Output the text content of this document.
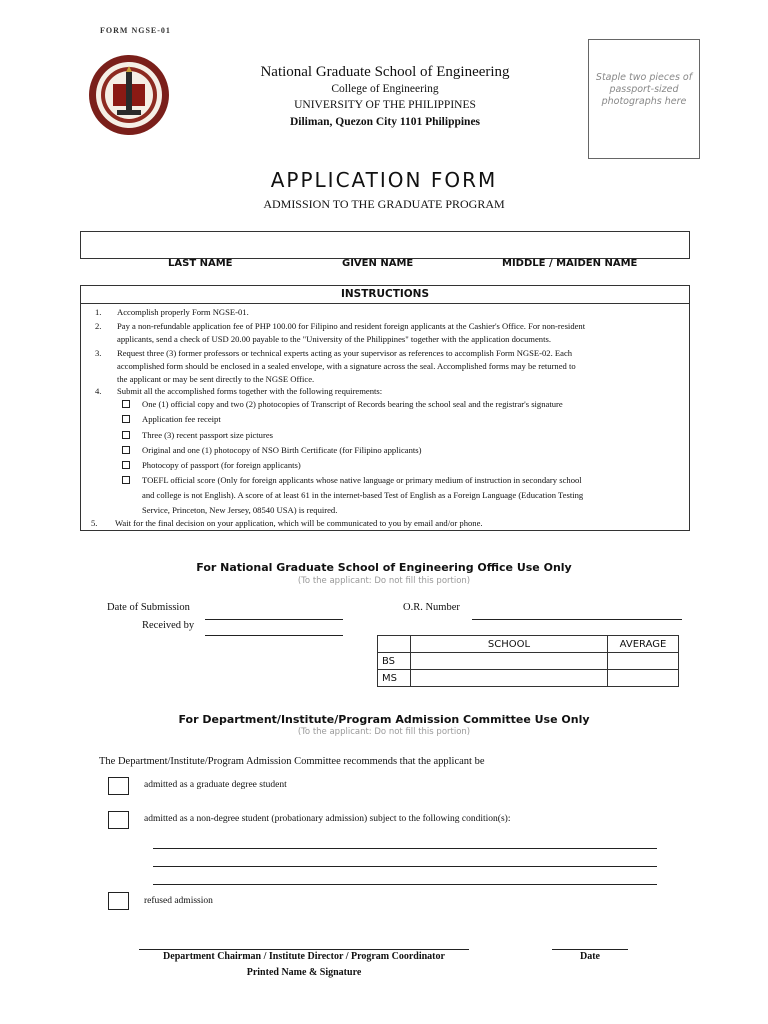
FORM NGSE-01
National Graduate School of Engineering
College of Engineering
UNIVERSITY OF THE PHILIPPINES
Diliman, Quezon City 1101 Philippines
Staple two pieces of passport-sized photographs here
APPLICATION FORM
ADMISSION TO THE GRADUATE PROGRAM
LAST NAME	GIVEN NAME	MIDDLE / MAIDEN NAME
INSTRUCTIONS
1. Accomplish properly Form NGSE-01.
2. Pay a non-refundable application fee of PHP 100.00 for Filipino and resident foreign applicants at the Cashier's Office. For non-resident
applicants, send a check of USD 20.00 payable to the "University of the Philippines" together with the application documents.
3. Request three (3) former professors or technical experts acting as your supervisor as references to accomplish Form NGSE-02. Each
accomplished form should be enclosed in a sealed envelope, with a signature across the seal. Accomplished forms may be returned to
the applicant or may be sent directly to the NGSE Office.
4. Submit all the accomplished forms together with the following requirements:
One (1) official copy and two (2) photocopies of Transcript of Records bearing the school seal and the registrar's signature
Application fee receipt
Three (3) recent passport size pictures
Original and one (1) photocopy of NSO Birth Certificate (for Filipino applicants)
Photocopy of passport (for foreign applicants)
TOEFL official score (Only for foreign applicants whose native language or primary medium of instruction in secondary school
and college is not English). A score of at least 61 in the internet-based Test of English as a Foreign Language (Education Testing
Service, Princeton, New Jersey, 08540 USA) is required.
5. Wait for the final decision on your application, which will be communicated to you by email and/or phone.
For National Graduate School of Engineering Office Use Only
(To the applicant: Do not fill this portion)
Date of Submission
Received by
O.R. Number
	SCHOOL	AVERAGE
BS		
MS		
For Department/Institute/Program Admission Committee Use Only
(To the applicant: Do not fill this portion)
The Department/Institute/Program Admission Committee recommends that the applicant be
admitted as a graduate degree student
admitted as a non-degree student (probationary admission) subject to the following condition(s):
refused admission
Department Chairman / Institute Director / Program Coordinator
Printed Name & Signature
Date
